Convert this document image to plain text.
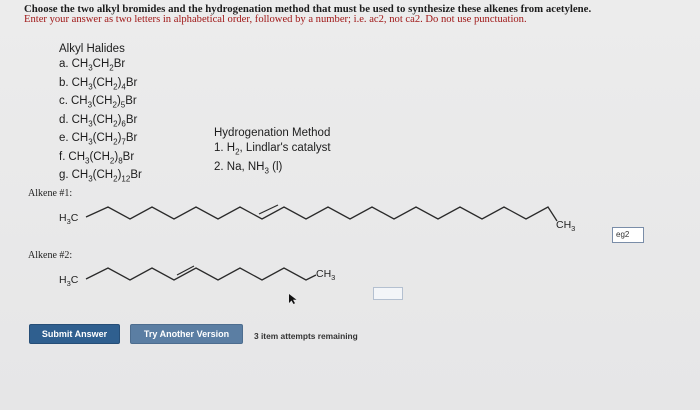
Choose the two alkyl bromides and the hydrogenation method that must be used to synthesize these alkenes from acetylene.
Enter your answer as two letters in alphabetical order, followed by a number; i.e. ac2, not ca2. Do not use punctuation.
Alkyl Halides
a. $CH_3CH_2Br$
b. $CH_3(CH_2)_4Br$
c. $CH_3(CH_2)_5Br$
d. $CH_3(CH_2)_6Br$
e. $CH_3(CH_2)_7Br$
f. $CH_3(CH_2)_8Br$
g. $CH_3(CH_2)_{12}Br$
Hydrogenation Method
1. $H_2$, Lindlar's catalyst
2. Na, $NH_3$ (l)
Alkene #1:
$H_3C$
$CH_3$
Alkene #2:
$H_3C$	$CH_3$
eg2
Submit Answer	Try Another Version	3 item attempts remaining
